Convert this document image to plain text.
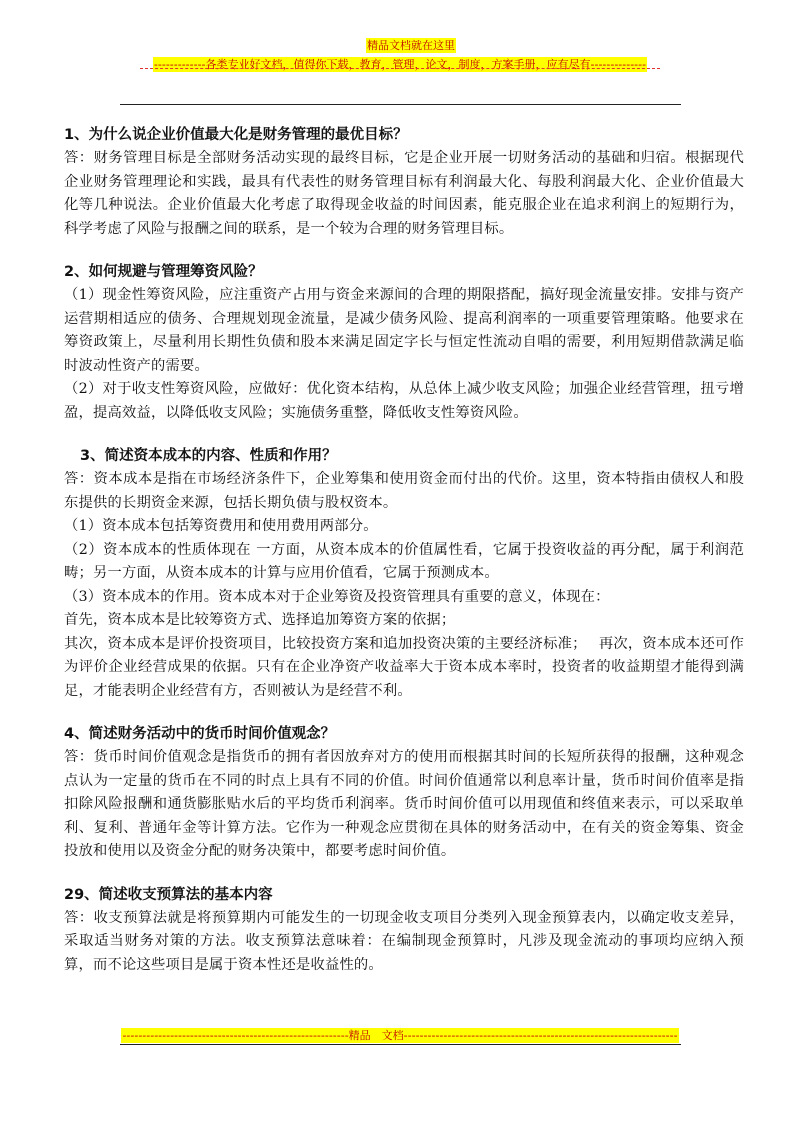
精品文档就在这里
-------------各类专业好文档，值得你下载，教育，管理，论文，制度，方案手册，应有尽有--------------
1、为什么说企业价值最大化是财务管理的最优目标？

答：财务管理目标是全部财务活动实现的最终目标，它是企业开展一切财务活动的基础和归宿。根据现代企业财务管理理论和实践，最具有代表性的财务管理目标有利润最大化、每股利润最大化、企业价值最大化等几种说法。企业价值最大化考虑了取得现金收益的时间因素，能克服企业在追求利润上的短期行为，科学考虑了风险与报酬之间的联系，是一个较为合理的财务管理目标。

2、如何规避与管理筹资风险？

（1）现金性筹资风险，应注重资产占用与资金来源间的合理的期限搭配，搞好现金流量安排。安排与资产运营期相适应的债务、合理规划现金流量，是减少债务风险、提高利润率的一项重要管理策略。他要求在筹资政策上，尽量利用长期性负债和股本来满足固定字长与恒定性流动自唱的需要，利用短期借款满足临时波动性资产的需要。

（2）对于收支性筹资风险，应做好：优化资本结构，从总体上减少收支风险；加强企业经营管理，扭亏增盈，提高效益，以降低收支风险；实施债务重整，降低收支性筹资风险。

3、简述资本成本的内容、性质和作用？

答：资本成本是指在市场经济条件下，企业筹集和使用资金而付出的代价。这里，资本特指由债权人和股东提供的长期资金来源，包括长期负债与股权资本。

（1）资本成本包括筹资费用和使用费用两部分。

（2）资本成本的性质体现在 一方面，从资本成本的价值属性看，它属于投资收益的再分配，属于利润范畴；另一方面，从资本成本的计算与应用价值看，它属于预测成本。

（3）资本成本的作用。资本成本对于企业筹资及投资管理具有重要的意义，体现在：

首先，资本成本是比较筹资方式、选择追加筹资方案的依据；

其次，资本成本是评价投资项目，比较投资方案和追加投资决策的主要经济标准；　 再次，资本成本还可作为评价企业经营成果的依据。只有在企业净资产收益率大于资本成本率时，投资者的收益期望才能得到满足，才能表明企业经营有方，否则被认为是经营不利。

4、简述财务活动中的货币时间价值观念？

答：货币时间价值观念是指货币的拥有者因放弃对方的使用而根据其时间的长短所获得的报酬，这种观念点认为一定量的货币在不同的时点上具有不同的价值。时间价值通常以利息率计量，货币时间价值率是指扣除风险报酬和通货膨胀贴水后的平均货币利润率。货币时间价值可以用现值和终值来表示，可以采取单利、复利、普通年金等计算方法。它作为一种观念应贯彻在具体的财务活动中，在有关的资金筹集、资金投放和使用以及资金分配的财务决策中，都要考虑时间价值。

29、简述收支预算法的基本内容

答：收支预算法就是将预算期内可能发生的一切现金收支项目分类列入现金预算表内，以确定收支差异，采取适当财务对策的方法。收支预算法意味着：在编制现金预算时，凡涉及现金流动的事项均应纳入预算，而不论这些项目是属于资本性还是收益性的。

---------------------------------------------------------精品　文档---------------------------------------------------------------------
